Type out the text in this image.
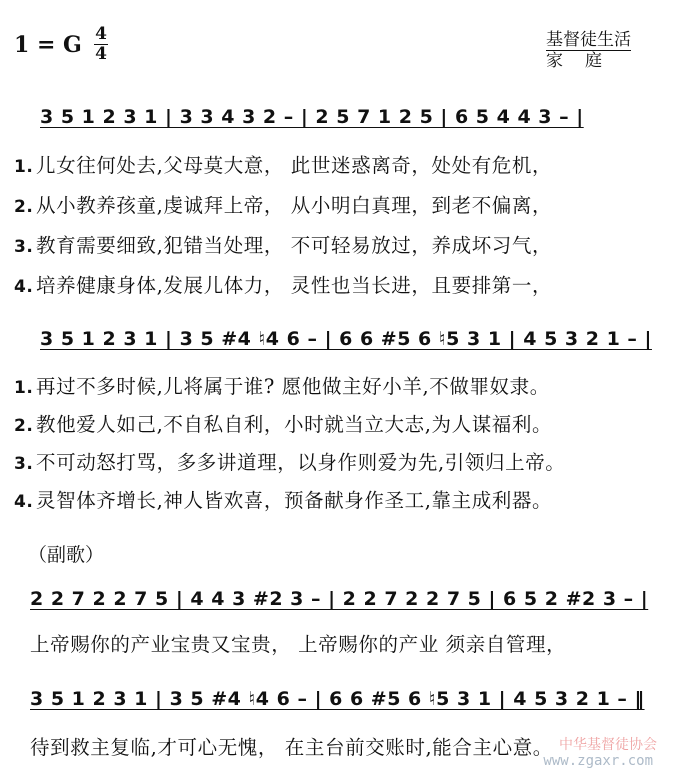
1 = G 4
4
基督徒生活
家庭
3 5 1 2 3 1 | 3 3 4 3 2 – | 2 5 7 1 2 5 | 6 5 4 4 3 – |
1. 儿女往何处去,父母莫大意， 此世迷惑离奇，处处有危机，
2. 从小教养孩童,虔诚拜上帝， 从小明白真理，到老不偏离，
3. 教育需要细致,犯错当处理， 不可轻易放过，养成坏习气，
4. 培养健康身体,发展儿体力， 灵性也当长进，且要排第一，
3 5 1 2 3 1 | 3 5 #4 ♮4 6 – | 6 6 #5 6 ♮5 3 1 | 4 5 3 2 1 – |
1. 再过不多时候,儿将属于谁? 愿他做主好小羊,不做罪奴隶。
2. 教他爱人如己,不自私自利，小时就当立大志,为人谋福利。
3. 不可动怒打骂，多多讲道理，以身作则爱为先,引领归上帝。
4. 灵智体齐增长,神人皆欢喜，预备献身作圣工,靠主成利器。
（副歌）
2 2 7 2 2 7 5 | 4 4 3 #2 3 – | 2 2 7 2 2 7 5 | 6 5 2 #2 3 – |
上帝赐你的产业宝贵又宝贵， 上帝赐你的产业 须亲自管理，
3 5 1 2 3 1 | 3 5 #4 ♮4 6 – | 6 6 #5 6 ♮5 3 1 | 4 5 3 2 1 – ‖
待到救主复临,才可心无愧， 在主台前交账时,能合主心意。 中华基督徒协会
www.zgaxr.com
